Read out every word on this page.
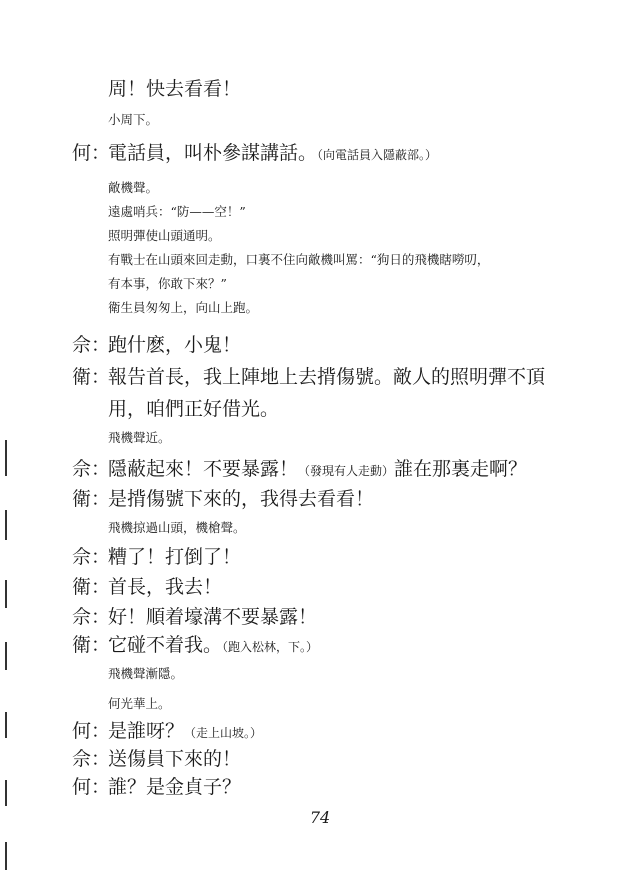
周！快去看看！
小周下。
何：電話員，叫朴參謀講話。（向電話員入隱蔽部。）
敵機聲。
遠處哨兵：“防——空！”
照明彈使山頭通明。
有戰士在山頭來回走動，口裏不住向敵機叫罵：“狗日的飛機瞎嘮叨，
有本事，你敢下來？”
衛生員匆匆上，向山上跑。
佘：跑什麽，小鬼！
衛：報告首長，我上陣地上去揹傷號。敵人的照明彈不頂
用，咱們正好借光。
飛機聲近。
佘：隱蔽起來！不要暴露！（發現有人走動）誰在那裏走啊？
衛：是揹傷號下來的，我得去看看！
飛機掠過山頭，機槍聲。
佘：糟了！打倒了！
衛：首長，我去！
佘：好！順着壕溝不要暴露！
衛：它碰不着我。（跑入松林，下。）
飛機聲漸隱。
何光華上。
何：是誰呀？（走上山坡。）
佘：送傷員下來的！
何：誰？是金貞子？
74
